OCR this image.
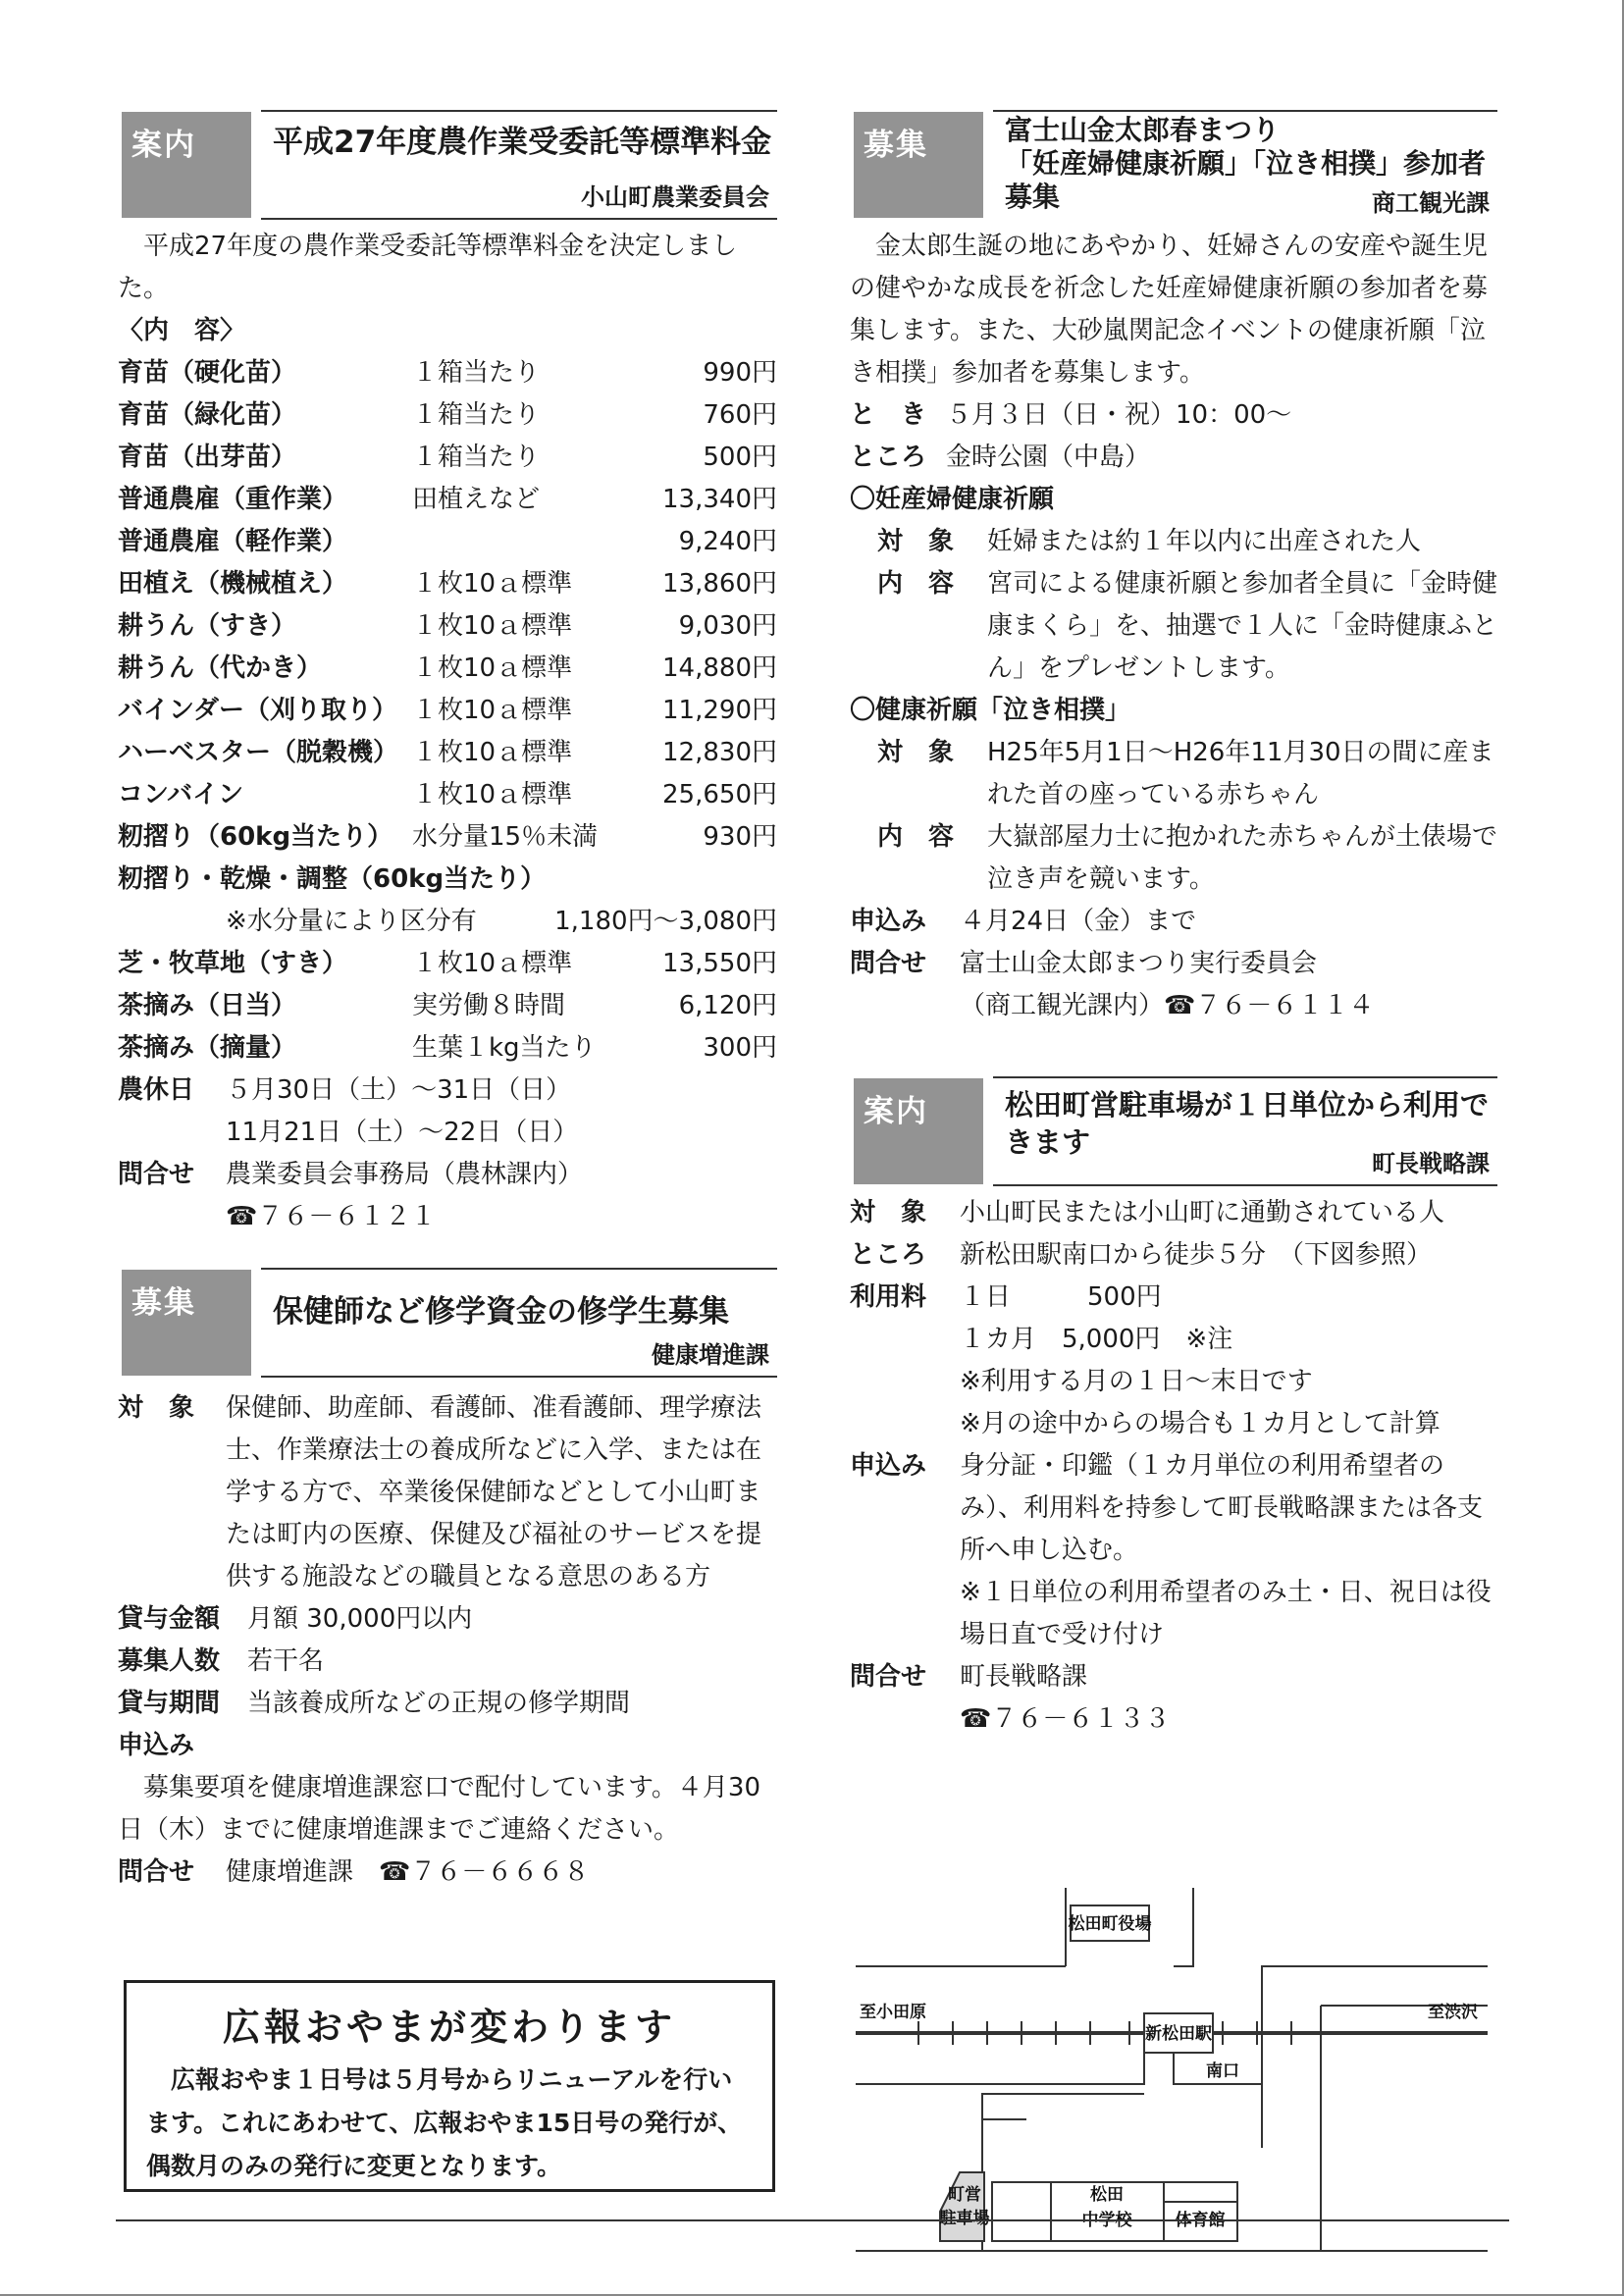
案内	平成27年度農作業受委託等標準料金
小山町農業委員会
平成27年度の農作業受委託等標準料金を決定しました。
〈内　容〉
育苗（硬化苗）	１箱当たり	990円
育苗（緑化苗）	１箱当たり	760円
育苗（出芽苗）	１箱当たり	500円
普通農雇（重作業）	田植えなど	13,340円
普通農雇（軽作業）	9,240円
田植え（機械植え）	１枚10ａ標準	13,860円
耕うん（すき）	１枚10ａ標準	9,030円
耕うん（代かき）	１枚10ａ標準	14,880円
バインダー（刈り取り） １枚10ａ標準	11,290円
ハーベスター（脱穀機） １枚10ａ標準	12,830円
コンバイン	１枚10ａ標準	25,650円
籾摺り（60kg当たり） 水分量15％未満	930円
籾摺り・乾燥・調整（60kg当たり）
※水分量により区分有	1,180円～3,080円
芝・牧草地（すき）	１枚10ａ標準	13,550円
茶摘み（日当）	実労働８時間	6,120円
茶摘み（摘量）	生葉１kg当たり	300円
農休日	５月30日（土）～31日（日）
11月21日（土）～22日（日）
問合せ	農業委員会事務局（農林課内）
☎７６－６１２１
募集	保健師など修学資金の修学生募集
健康増進課
対　象	保健師、助産師、看護師、准看護師、理学療法士、作業療法士の養成所などに入学、または在学する方で、卒業後保健師などとして小山町または町内の医療、保健及び福祉のサービスを提供する施設などの職員となる意思のある方
貸与金額	月額 30,000円以内
募集人数	若干名
貸与期間	当該養成所などの正規の修学期間
申込み
募集要項を健康増進課窓口で配付しています。４月30日（木）までに健康増進課までご連絡ください。
問合せ	健康増進課　☎７６－６６６８
広報おやまが変わります
広報おやま１日号は５月号からリニューアルを行います。これにあわせて、広報おやま15日号の発行が、偶数月のみの発行に変更となります。
募集	富士山金太郎春まつり
「妊産婦健康祈願」「泣き相撲」参加者募集	商工観光課
金太郎生誕の地にあやかり、妊婦さんの安産や誕生児の健やかな成長を祈念した妊産婦健康祈願の参加者を募集します。また、大砂嵐関記念イベントの健康祈願「泣き相撲」参加者を募集します。
と　き ５月３日（日・祝）10：00～
ところ 金時公園（中島）
〇妊産婦健康祈願
対　象	妊婦または約１年以内に出産された人
内　容	宮司による健康祈願と参加者全員に「金時健康まくら」を、抽選で１人に「金時健康ふとん」をプレゼントします。
〇健康祈願「泣き相撲」
対　象	H25年5月1日～H26年11月30日の間に産まれた首の座っている赤ちゃん
内　容	大嶽部屋力士に抱かれた赤ちゃんが土俵場で泣き声を競います。
申込み	４月24日（金）まで
問合せ	富士山金太郎まつり実行委員会
（商工観光課内）☎７６－６１１４
案内	松田町営駐車場が１日単位から利用できます
町長戦略課
対　象	小山町民または小山町に通勤されている人
ところ	新松田駅南口から徒歩５分　（下図参照）
利用料	１日　　　500円
１カ月　5,000円　※注
※利用する月の１日～末日です
※月の途中からの場合も１カ月として計算
申込み	身分証・印鑑（１カ月単位の利用希望者のみ）、利用料を持参して町長戦略課または各支所へ申し込む。
※１日単位の利用希望者のみ土・日、祝日は役場日直で受け付け
問合せ	町長戦略課
☎７６－６１３３
松田町役場
至小田原	至渋沢
新松田駅
南口
町営
駐車場
松田
中学校	体育館
